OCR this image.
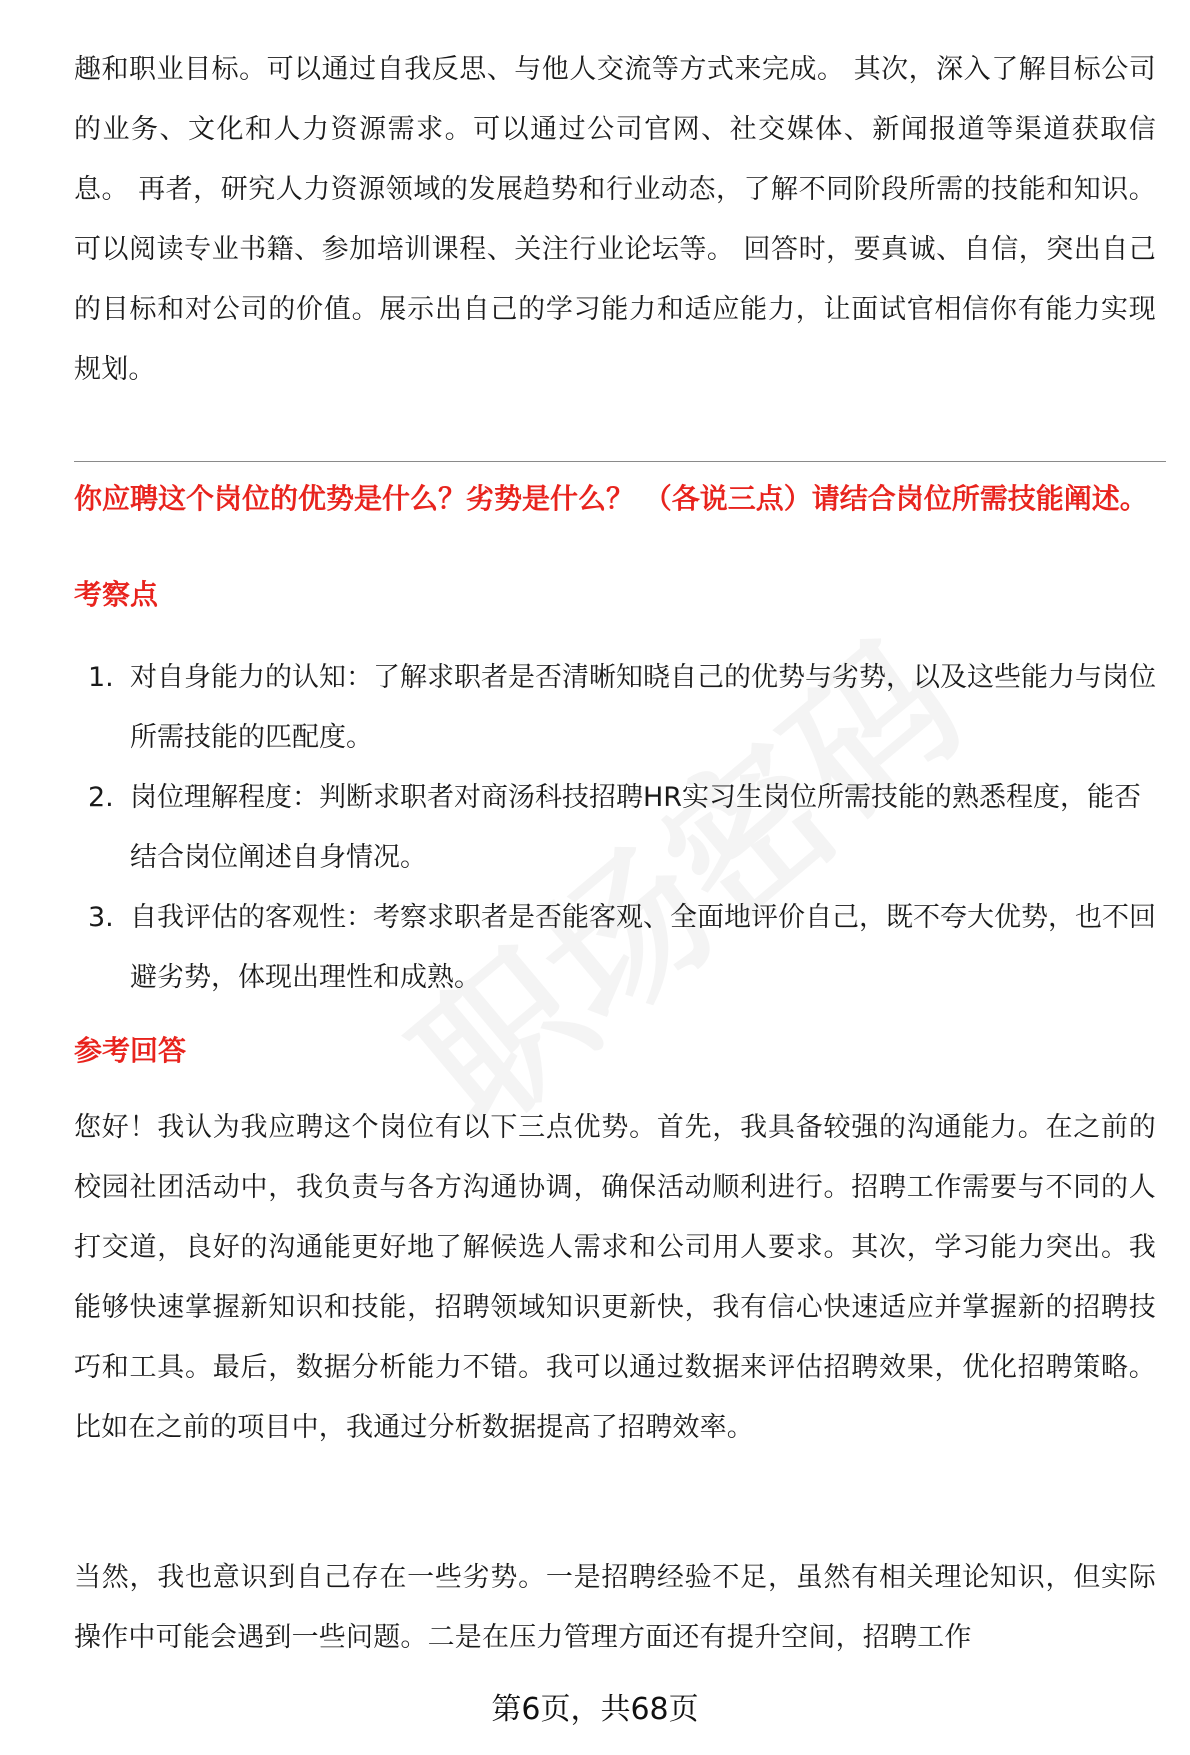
趣和职业目标。可以通过自我反思、与他人交流等方式来完成。 其次，深入了解目标公司的业务、文化和人力资源需求。可以通过公司官网、社交媒体、新闻报道等渠道获取信息。 再者，研究人力资源领域的发展趋势和行业动态，了解不同阶段所需的技能和知识。可以阅读专业书籍、参加培训课程、关注行业论坛等。 回答时，要真诚、自信，突出自己的目标和对公司的价值。展示出自己的学习能力和适应能力，让面试官相信你有能力实现规划。

你应聘这个岗位的优势是什么？劣势是什么？ （各说三点）请结合岗位所需技能阐述。

考察点

1. 对自身能力的认知：了解求职者是否清晰知晓自己的优势与劣势，以及这些能力与岗位所需技能的匹配度。
2. 岗位理解程度：判断求职者对商汤科技招聘HR实习生岗位所需技能的熟悉程度，能否结合岗位阐述自身情况。
3. 自我评估的客观性：考察求职者是否能客观、全面地评价自己，既不夸大优势，也不回避劣势，体现出理性和成熟。

参考回答

您好！我认为我应聘这个岗位有以下三点优势。首先，我具备较强的沟通能力。在之前的校园社团活动中，我负责与各方沟通协调，确保活动顺利进行。招聘工作需要与不同的人打交道，良好的沟通能更好地了解候选人需求和公司用人要求。其次，学习能力突出。我能够快速掌握新知识和技能，招聘领域知识更新快，我有信心快速适应并掌握新的招聘技巧和工具。最后，数据分析能力不错。我可以通过数据来评估招聘效果，优化招聘策略。比如在之前的项目中，我通过分析数据提高了招聘效率。

当然，我也意识到自己存在一些劣势。一是招聘经验不足，虽然有相关理论知识，但实际操作中可能会遇到一些问题。二是在压力管理方面还有提升空间，招聘工作

第6页，共68页
